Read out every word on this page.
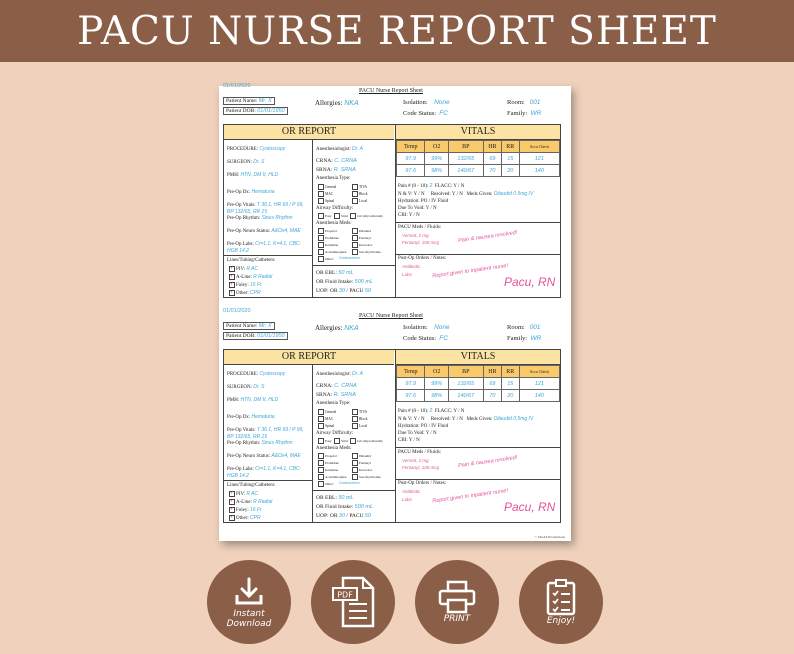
PACU NURSE REPORT SHEET
01/01/2020
PACU Nurse Report Sheet
Patient Name: Mr. X
Patient DOB: 01/01/1950
Allergies: NKA	Isolation: None
Code Status: FC
Room: 001
Family: WR
OR REPORT
PROCEDURE: Cystoscopy
SURGEON: Dr. S
PMH: HTN, DM II, HLD
Pre-Op Dx: Hematuria
Pre-Op Vitals: T 36.1, HR 69 / P 99, BP 132/65, RR 15
Pre-Op Rhythm: Sinus Rhythm
Pre-Op Neuro Status: A&Ox4, MAE
Pre-Op Labs: Cr=1.1, K=4.1, CBC: HGB 14.2
Lines/Tubing/Catheters:
✓ PIV: R AC
✓ A-Line: R Radial
✓ Foley: 16 Fr
✓ Other: CPR
Anesthesiologist: Dr. A
CRNA: C. CRNA
SRNA: R. SRNA
Anesthesia Type:
General	TIVA
MAC	Block
Spinal	Local
Airway Difficulty:
Easy	Strict	Cricothyroidotomy
Anesthesia Meds:
Propofol	Dilaudid
Etomidate	Fentanyl
Ketamine	Ketorolac
Acetaminophen	Succinylcholine
Other: Ondansetron
OR EBL: 50 mL
OR Fluid Intake: 500 mL
UOP: OR 30 / PACU 50
VITALS
Temp	O2	BP	HR	RR	Accu Check
97.9	99%	132/65	69	15	121
97.6	98%	140/67	70	20	140
Pain # (0 - 10): 2 FLACC: Y / N
N & V: Y / N Resolved: Y / N Meds Given: Dilaudid 0.5mg IV
Hydration: PO / IV Fluid
Due To Void: Y / N
CBI: Y / N
PACU Meds / Fluids:
Versed, 2 mg
Fentanyl, 100 mcg	Pain & nausea resolved!
Post-Op Orders / Notes:
Antibiotic
Labs	Report given to inpatient nurse!
Pacu, RN
01/01/2020
PACU Nurse Report Sheet
Patient Name: Mr. X
Patient DOB: 01/01/1950
Allergies: NKA	Isolation: None
Code Status: FC
Room: 001
Family: WR
OR REPORT
PROCEDURE: Cystoscopy
SURGEON: Dr. S
PMH: HTN, DM II, HLD
Pre-Op Dx: Hematuria
Pre-Op Vitals: T 36.1, HR 69 / P 99, BP 132/65, RR 15
Pre-Op Rhythm: Sinus Rhythm
Pre-Op Neuro Status: A&Ox4, MAE
Pre-Op Labs: Cr=1.1, K=4.1, CBC: HGB 14.2
Lines/Tubing/Catheters:
✓ PIV: R AC
✓ A-Line: R Radial
✓ Foley: 16 Fr
✓ Other: CPR
Anesthesiologist: Dr. A
CRNA: C. CRNA
SRNA: R. SRNA
Anesthesia Type:
General	TIVA
MAC	Block
Spinal	Local
Airway Difficulty:
Easy	Strict	Cricothyroidotomy
Anesthesia Meds:
Propofol	Dilaudid
Etomidate	Fentanyl
Ketamine	Ketorolac
Acetaminophen	Succinylcholine
Other: Ondansetron
OR EBL: 50 mL
OR Fluid Intake: 500 mL
UOP: OR 30 / PACU 50
VITALS
Temp	O2	BP	HR	RR	Accu Check
97.9	99%	132/65	69	15	121
97.6	98%	140/67	70	20	140
Pain # (0 - 10): 2 FLACC: Y / N
N & V: Y / N Resolved: Y / N Meds Given: Dilaudid 0.5mg IV
Hydration: PO / IV Fluid
Due To Void: Y / N
CBI: Y / N
PACU Meds / Fluids:
Versed, 2 mg
Fentanyl, 100 mcg	Pain & nausea resolved!
Post-Op Orders / Notes:
Antibiotic
Labs	Report given to inpatient nurse!
Pacu, RN
© DGAT Productions
Instant Download
PDF
PRINT	Enjoy!
